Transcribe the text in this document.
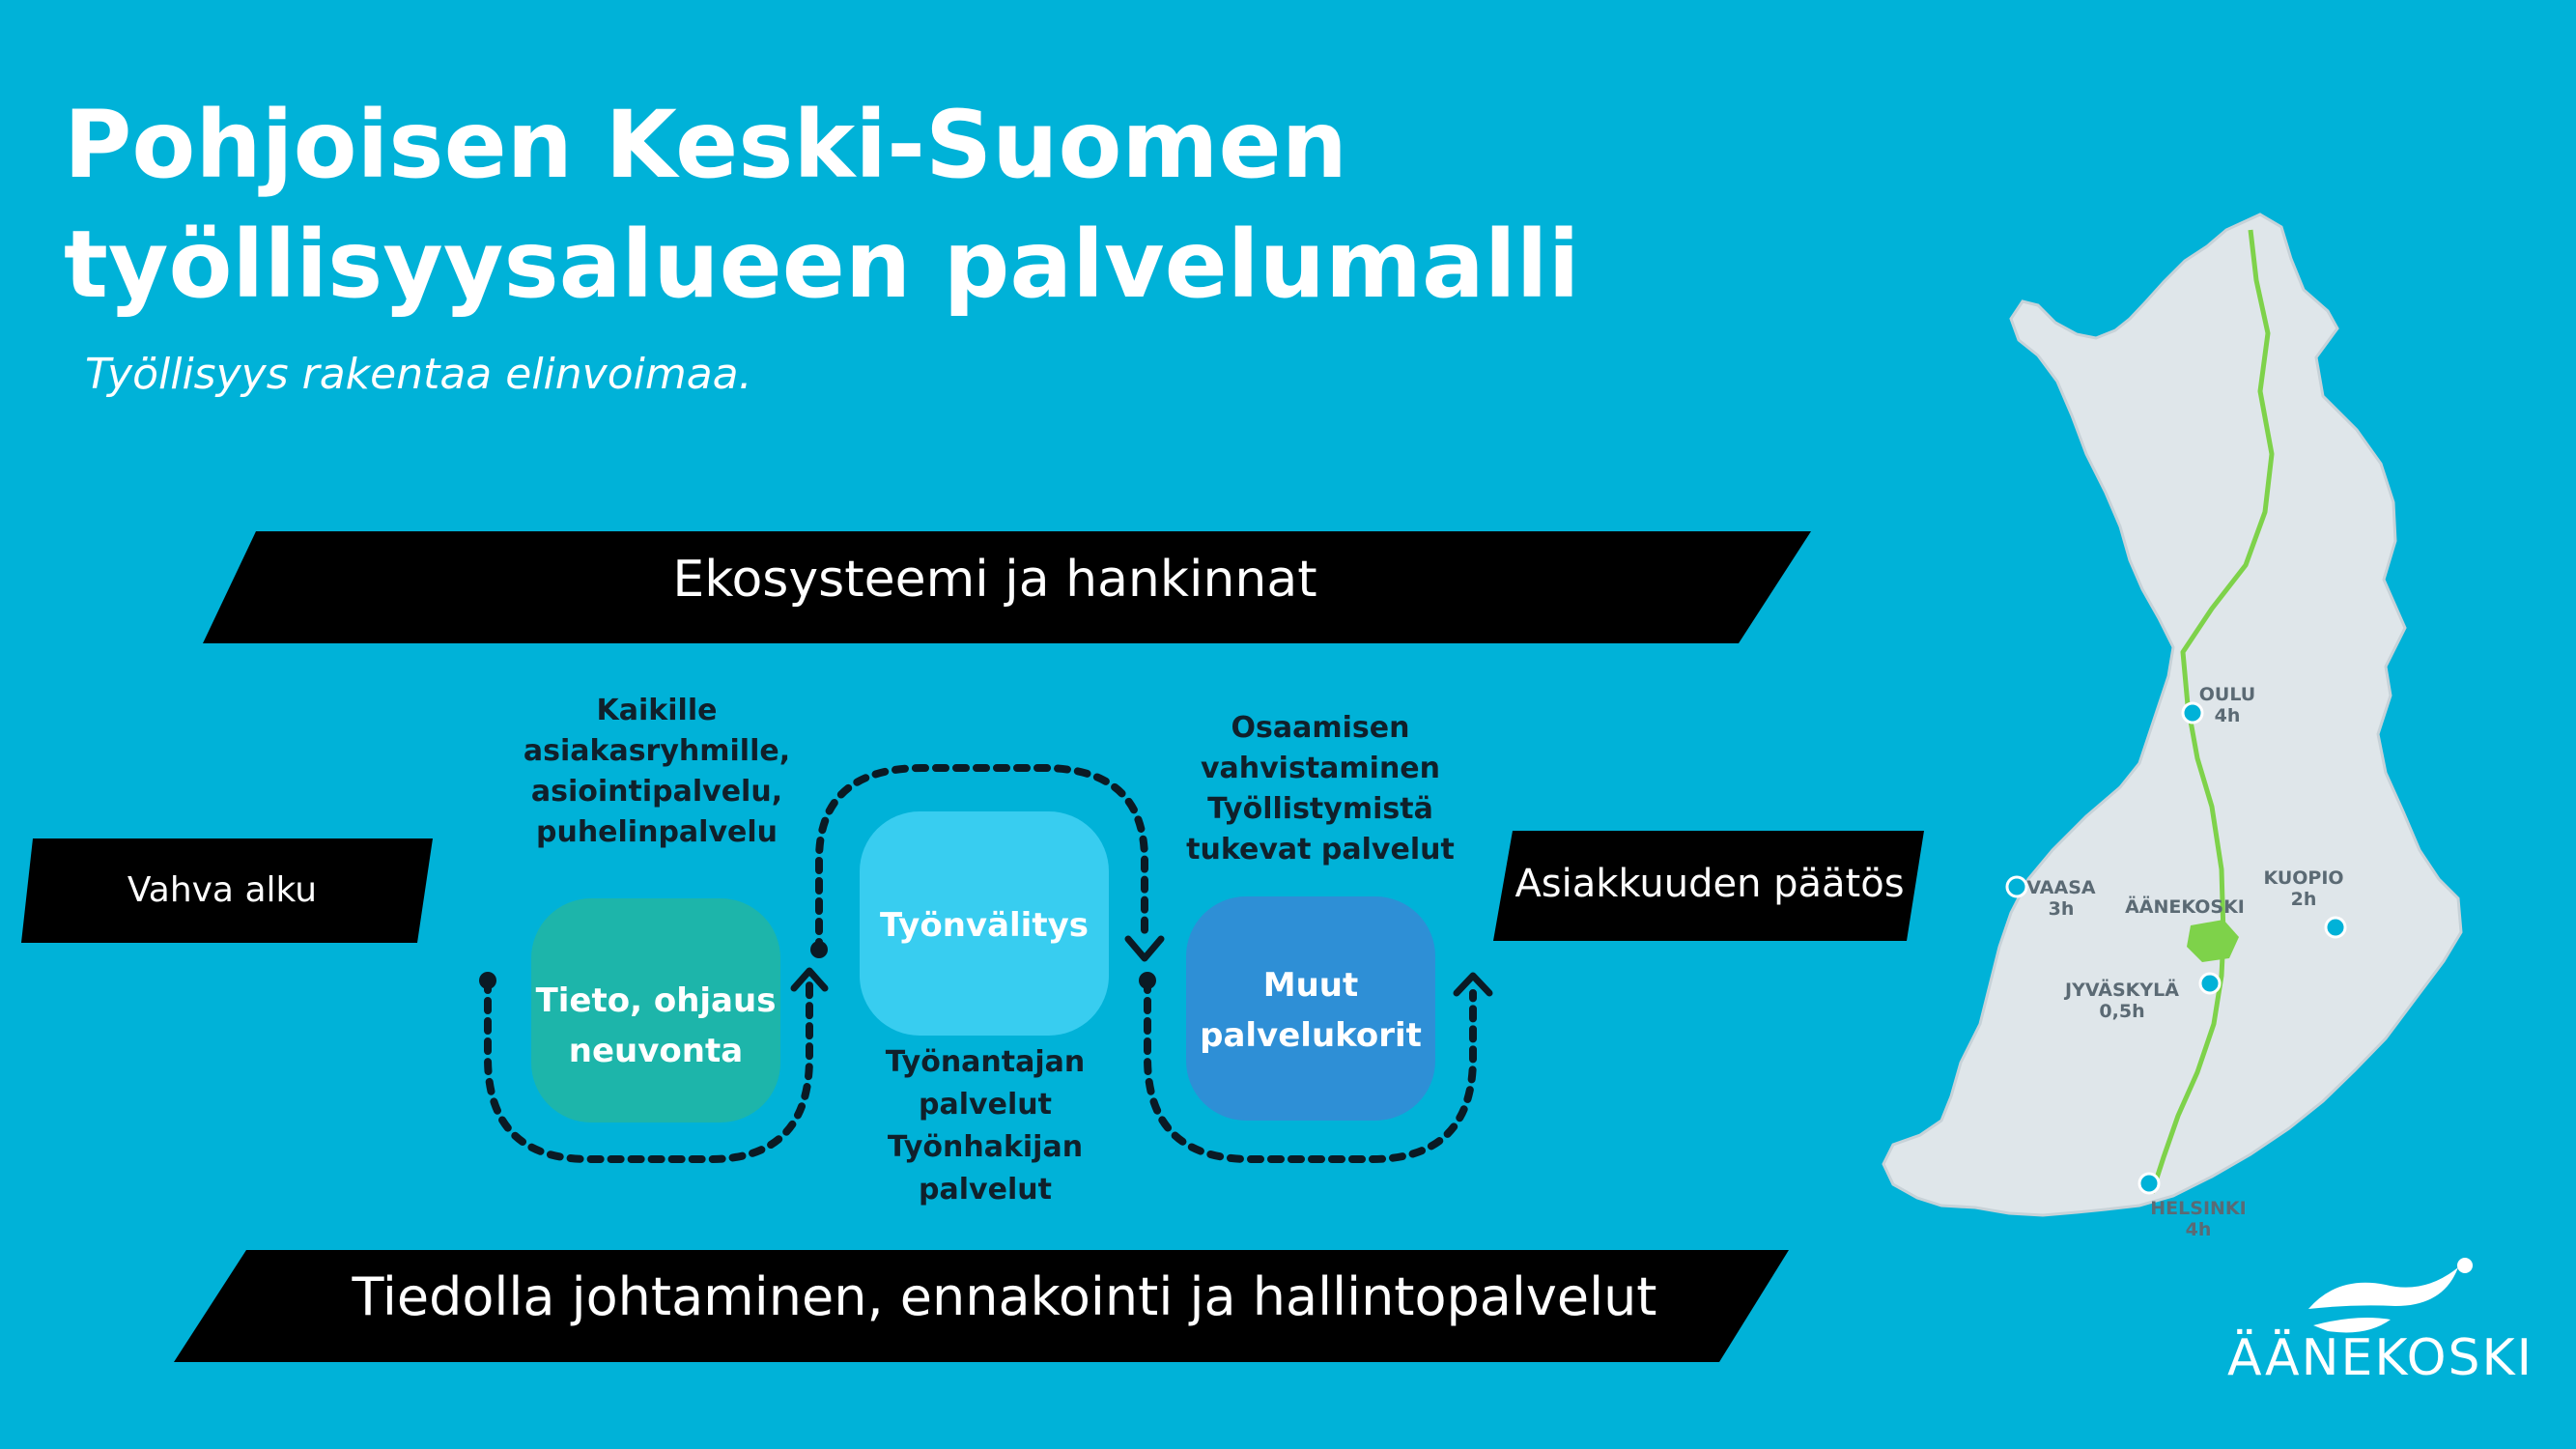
Pohjoisen Keski-Suomen
työllisyysalueen palvelumalli
Työllisyys rakentaa elinvoimaa.
Ekosysteemi ja hankinnat
Tiedolla johtaminen, ennakointi ja hallintopalvelut
Vahva alku	Asiakkuuden päätös
Tieto, ohjaus
neuvonta
Työnvälitys
Muut
palvelukorit
Kaikille
asiakasryhmille,
asiointipalvelu,
puhelinpalvelu
Työnantajan
palvelut
Työnhakijan
palvelut
Osaamisen
vahvistaminen
Työllistymistä
tukevat palvelut
OULU
4h
VAASA
3h
KUOPIO
2h
ÄÄNEKOSKI
JYVÄSKYLÄ
0,5h
HELSINKI
4h
ÄÄNEKOSKI
